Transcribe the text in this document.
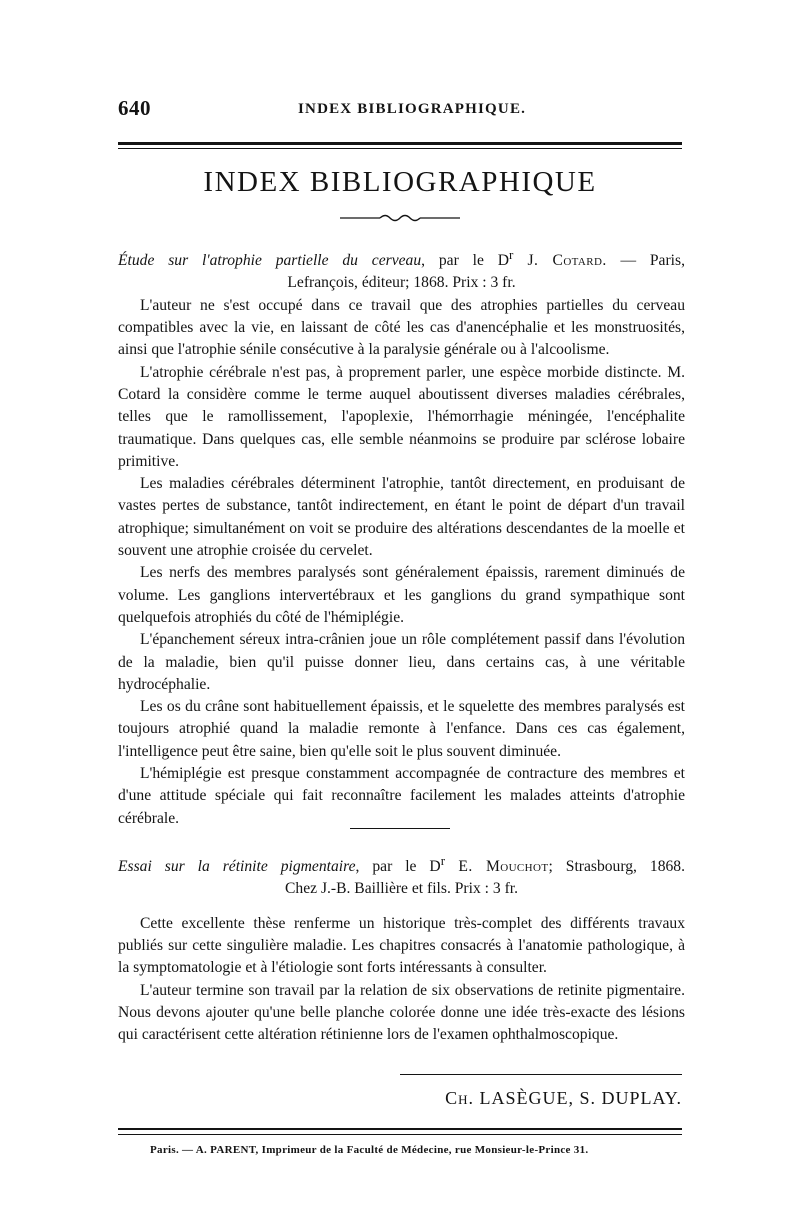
640	INDEX BIBLIOGRAPHIQUE.
INDEX BIBLIOGRAPHIQUE
Étude sur l'atrophie partielle du cerveau, par le $D^r$ J. Cotard. — Paris,
Lefrançois, éditeur; 1868. Prix : 3 fr.

L'auteur ne s'est occupé dans ce travail que des atrophies partielles du cerveau compatibles avec la vie, en laissant de côté les cas d'anencéphalie et les monstruosités, ainsi que l'atrophie sénile consécutive à la paralysie générale ou à l'alcoolisme.

L'atrophie cérébrale n'est pas, à proprement parler, une espèce morbide distincte. M. Cotard la considère comme le terme auquel aboutissent diverses maladies cérébrales, telles que le ramollissement, l'apoplexie, l'hémorrhagie méningée, l'encéphalite traumatique. Dans quelques cas, elle semble néanmoins se produire par sclérose lobaire primitive.

Les maladies cérébrales déterminent l'atrophie, tantôt directement, en produisant de vastes pertes de substance, tantôt indirectement, en étant le point de départ d'un travail atrophique; simultanément on voit se produire des altérations descendantes de la moelle et souvent une atrophie croisée du cervelet.

Les nerfs des membres paralysés sont généralement épaissis, rarement diminués de volume. Les ganglions intervertébraux et les ganglions du grand sympathique sont quelquefois atrophiés du côté de l'hémiplégie.

L'épanchement séreux intra-crânien joue un rôle complétement passif dans l'évolution de la maladie, bien qu'il puisse donner lieu, dans certains cas, à une véritable hydrocéphalie.

Les os du crâne sont habituellement épaissis, et le squelette des membres paralysés est toujours atrophié quand la maladie remonte à l'enfance. Dans ces cas également, l'intelligence peut être saine, bien qu'elle soit le plus souvent diminuée.

L'hémiplégie est presque constamment accompagnée de contracture des membres et d'une attitude spéciale qui fait reconnaître facilement les malades atteints d'atrophie cérébrale.

Essai sur la rétinite pigmentaire, par le $D^r$ E. Mouchot; Strasbourg, 1868.
Chez J.-B. Baillière et fils. Prix : 3 fr.

Cette excellente thèse renferme un historique très-complet des différents travaux publiés sur cette singulière maladie. Les chapitres consacrés à l'anatomie pathologique, à la symptomatologie et à l'étiologie sont forts intéressants à consulter.

L'auteur termine son travail par la relation de six observations de retinite pigmentaire. Nous devons ajouter qu'une belle planche colorée donne une idée très-exacte des lésions qui caractérisent cette altération rétinienne lors de l'examen ophthalmoscopique.

Ch. LASÈGUE, S. DUPLAY.
Paris. — A. PARENT, Imprimeur de la Faculté de Médecine, rue Monsieur-le-Prince 31.
